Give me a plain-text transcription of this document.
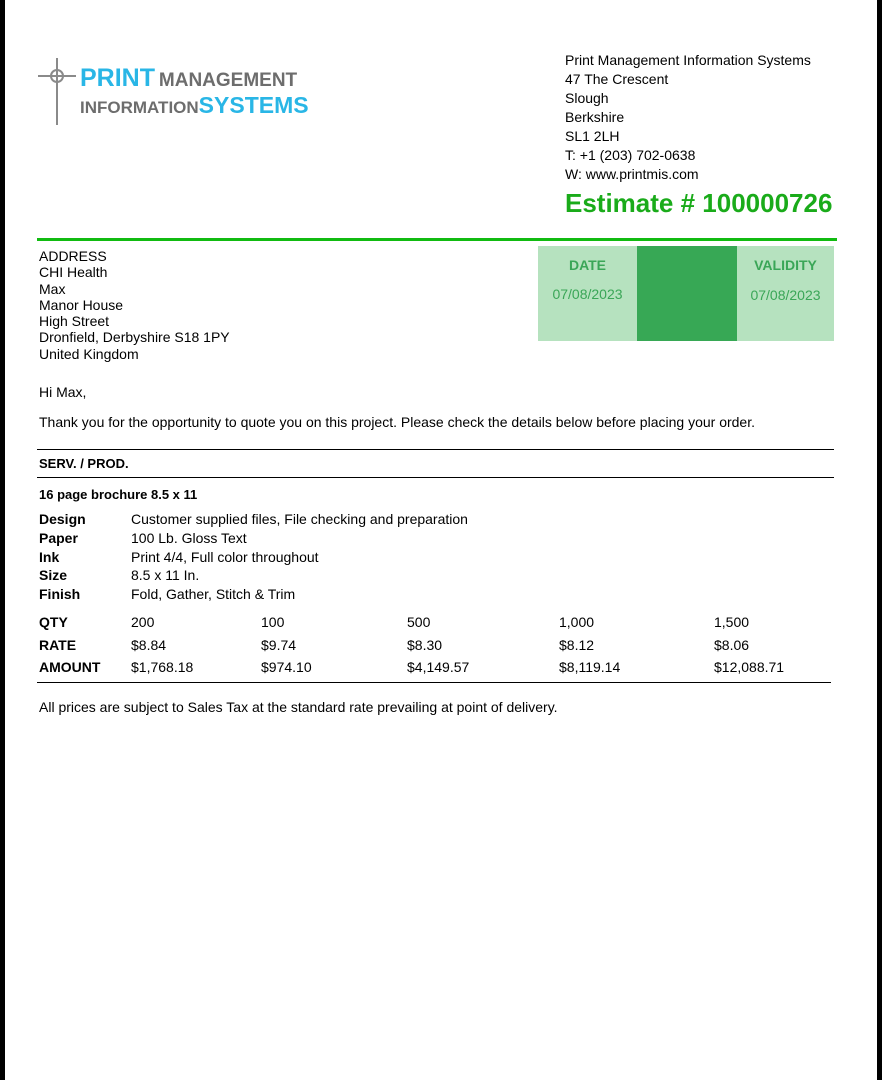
PRINT MANAGEMENT
INFORMATIONSYSTEMS
Print Management Information Systems
47 The Crescent
Slough
Berkshire
SL1 2LH
T: +1 (203) 702-0638
W: www.printmis.com
Estimate # 100000726
ADDRESS
CHI Health
Max
Manor House
High Street
Dronfield, Derbyshire S18 1PY
United Kingdom
DATE
07/08/2023
VALIDITY
07/08/2023
Hi Max,
Thank you for the opportunity to quote you on this project. Please check the details below before placing your order.
SERV. / PROD.
16 page brochure 8.5 x 11
Design	Customer supplied files, File checking and preparation
Paper	100 Lb. Gloss Text
Ink	Print 4/4, Full color throughout
Size	8.5 x 11 In.
Finish	Fold, Gather, Stitch & Trim
QTY	200	100	500	1,000	1,500
RATE	$8.84	$9.74	$8.30	$8.12	$8.06
AMOUNT	$1,768.18	$974.10	$4,149.57	$8,119.14	$12,088.71
All prices are subject to Sales Tax at the standard rate prevailing at point of delivery.
